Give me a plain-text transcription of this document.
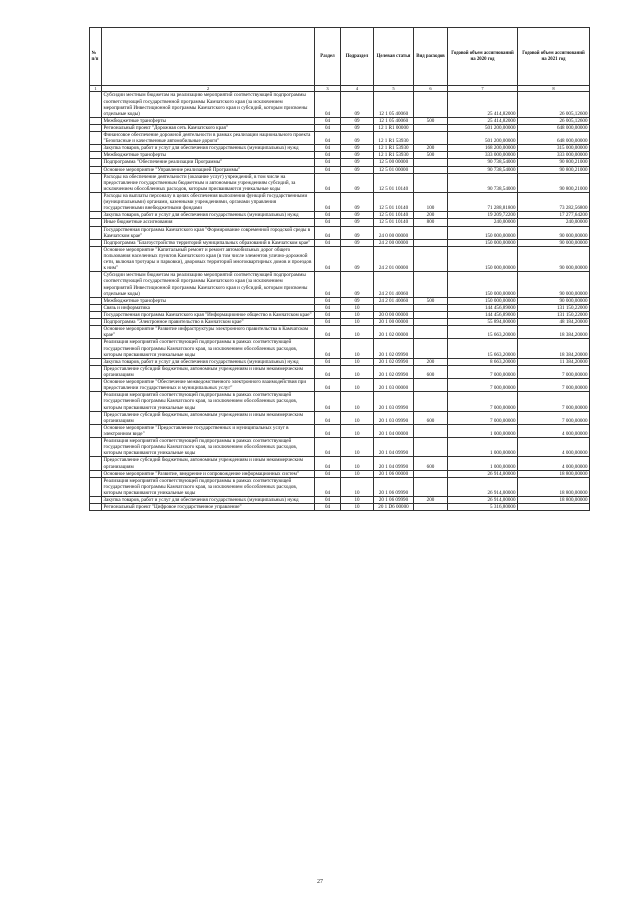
№ п/п		Раздел	Подраздел	Целевая статья	Вид расходов	Годовой объем ассигнований на 2020 год	Годовой объем ассигнований на 2021 год
1	2	3	4	5	6	7	8
	Субсидии местным бюджетам на реализацию мероприятий соответствующей подпрограммы соответствующей государственной программы Камчатского края (за исключением мероприятий Инвестиционной программы Камчатского края и субсидий, которым присвоены отдельные коды)	04	09	12 1 05 40060		25 414,82000	26 005,12600
	Межбюджетные трансферты	04	09	12 1 05 40060	500	25 414,82000	26 005,12600
	Региональный проект "Дорожная сеть Камчатского края"	04	09	12 1 R1 00000		501 200,00000	648 000,00000
	Финансовое обеспечение дорожной деятельности в рамках реализации национального проекта "Безопасные и качественные автомобильные дороги"	04	09	12 1 R1 53930		501 200,00000	648 000,00000
	Закупка товаров, работ и услуг для обеспечения государственных (муниципальных) нужд	04	09	12 1 R1 53930	200	168 200,00000	315 000,00000
	Межбюджетные трансферты	04	09	12 1 R1 53930	500	333 000,00000	333 000,00000
	Подпрограмма "Обеспечение реализации Программы"	04	09	12 5 00 00000		90 738,54000	90 800,21000
	Основное мероприятие "Управление реализацией Программы"	04	09	12 5 01 00000		90 738,54000	90 800,21000
	Расходы на обеспечение деятельности (оказание услуг) учреждений, в том числе на предоставление государственным бюджетным и автономным учреждениям субсидий, за исключением обособленных расходов, которым присваиваются уникальные коды	04	09	12 5 01 10140		90 738,54000	90 800,21000
	Расходы на выплаты персоналу в целях обеспечения выполнения функций государственными (муниципальными) органами, казенными учреждениями, органами управления государственными внебюджетными фондами	04	09	12 5 01 10140	100	71 288,81800	73 282,56800
	Закупка товаров, работ и услуг для обеспечения государственных (муниципальных) нужд	04	09	12 5 01 10140	200	19 209,72200	17 277,64200
	Иные бюджетные ассигнования	04	09	12 5 01 10140	800	240,00000	240,00000
	Государственная программа Камчатского края "Формирование современной городской среды в Камчатском крае"	04	09	24 0 00 00000		150 000,00000	90 000,00000
	Подпрограмма "Благоустройство территорий муниципальных образований в Камчатском крае"	04	09	24 2 00 00000		150 000,00000	90 000,00000
	Основное мероприятие "Капитальный ремонт и ремонт автомобильных дорог общего пользования населенных пунктов Камчатского края (в том числе элементов улично-дорожной сети, включая тротуары и парковки), дворовых территорий многоквартирных домов и проездов к ним"	04	09	24 2 01 00000		150 000,00000	90 000,00000
	Субсидии местным бюджетам на реализацию мероприятий соответствующей подпрограммы соответствующей государственной программы Камчатского края (за исключением мероприятий Инвестиционной программы Камчатского края и субсидий, которым присвоены отдельные коды)	04	09	24 2 01 40060		150 000,00000	90 000,00000
	Межбюджетные трансферты	04	09	24 2 01 40060	500	150 000,00000	90 000,00000
	Связь и информатика	04	10			144 456,89000	131 150,22000
	Государственная программа Камчатского края "Информационное общество в Камчатском крае"	04	10	20 0 00 00000		144 456,89000	131 150,22000
	Подпрограмма "Электронное правительство в Камчатском крае"	04	10	20 1 00 00000		55 894,00000	48 184,20000
	Основное мероприятие "Развитие инфраструктуры электронного правительства в Камчатском крае"	04	10	20 1 02 00000		15 663,20000	18 384,20000
	Реализация мероприятий соответствующей подпрограммы в рамках соответствующей государственной программы Камчатского края, за исключением обособленных расходов, которым присваиваются уникальные коды	04	10	20 1 02 09990		15 663,20000	18 384,20000
	Закупка товаров, работ и услуг для обеспечения государственных (муниципальных) нужд	04	10	20 1 02 09990	200	8 663,20000	11 384,20000
	Предоставление субсидий бюджетным, автономным учреждениям и иным некоммерческим организациям	04	10	20 1 02 09990	600	7 000,00000	7 000,00000
	Основное мероприятие "Обеспечение межведомственного электронного взаимодействия при предоставлении государственных и муниципальных услуг"	04	10	20 1 03 00000		7 000,00000	7 000,00000
	Реализация мероприятий соответствующей подпрограммы в рамках соответствующей государственной программы Камчатского края, за исключением обособленных расходов, которым присваиваются уникальные коды	04	10	20 1 03 09990		7 000,00000	7 000,00000
	Предоставление субсидий бюджетным, автономным учреждениям и иным некоммерческим организациям	04	10	20 1 03 09990	600	7 000,00000	7 000,00000
	Основное мероприятие "Предоставление государственных и муниципальных услуг в электронном виде"	04	10	20 1 04 00000		1 000,00000	4 000,00000
	Реализация мероприятий соответствующей подпрограммы в рамках соответствующей государственной программы Камчатского края, за исключением обособленных расходов, которым присваиваются уникальные коды	04	10	20 1 04 09990		1 000,00000	4 000,00000
	Предоставление субсидий бюджетным, автономным учреждениям и иным некоммерческим организациям	04	10	20 1 04 09990	600	1 000,00000	4 000,00000
	Основное мероприятие "Развитие, внедрение и сопровождение информационных систем"	04	10	20 1 06 00000		26 914,00000	18 800,00000
	Реализация мероприятий соответствующей подпрограммы в рамках соответствующей государственной программы Камчатского края, за исключением обособленных расходов, которым присваиваются уникальные коды	04	10	20 1 06 09990		26 914,00000	18 800,00000
	Закупка товаров, работ и услуг для обеспечения государственных (муниципальных) нужд	04	10	20 1 06 09990	200	26 914,00000	18 800,00000
	Региональный проект "Цифровое государственное управление"	04	10	20 1 D6 00000		5 316,80000	
27
